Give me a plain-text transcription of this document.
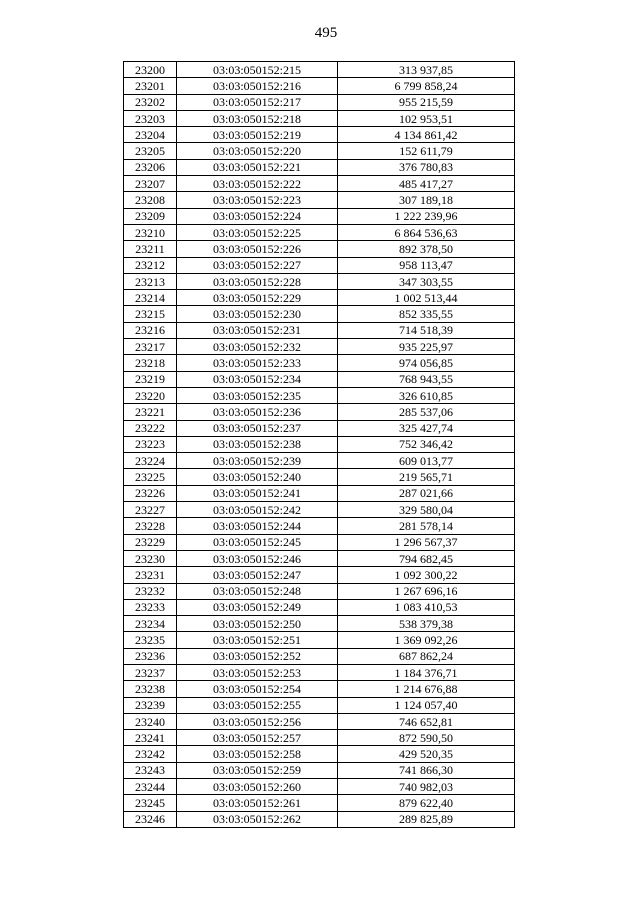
495
23200	03:03:050152:215	313 937,85
23201	03:03:050152:216	6 799 858,24
23202	03:03:050152:217	955 215,59
23203	03:03:050152:218	102 953,51
23204	03:03:050152:219	4 134 861,42
23205	03:03:050152:220	152 611,79
23206	03:03:050152:221	376 780,83
23207	03:03:050152:222	485 417,27
23208	03:03:050152:223	307 189,18
23209	03:03:050152:224	1 222 239,96
23210	03:03:050152:225	6 864 536,63
23211	03:03:050152:226	892 378,50
23212	03:03:050152:227	958 113,47
23213	03:03:050152:228	347 303,55
23214	03:03:050152:229	1 002 513,44
23215	03:03:050152:230	852 335,55
23216	03:03:050152:231	714 518,39
23217	03:03:050152:232	935 225,97
23218	03:03:050152:233	974 056,85
23219	03:03:050152:234	768 943,55
23220	03:03:050152:235	326 610,85
23221	03:03:050152:236	285 537,06
23222	03:03:050152:237	325 427,74
23223	03:03:050152:238	752 346,42
23224	03:03:050152:239	609 013,77
23225	03:03:050152:240	219 565,71
23226	03:03:050152:241	287 021,66
23227	03:03:050152:242	329 580,04
23228	03:03:050152:244	281 578,14
23229	03:03:050152:245	1 296 567,37
23230	03:03:050152:246	794 682,45
23231	03:03:050152:247	1 092 300,22
23232	03:03:050152:248	1 267 696,16
23233	03:03:050152:249	1 083 410,53
23234	03:03:050152:250	538 379,38
23235	03:03:050152:251	1 369 092,26
23236	03:03:050152:252	687 862,24
23237	03:03:050152:253	1 184 376,71
23238	03:03:050152:254	1 214 676,88
23239	03:03:050152:255	1 124 057,40
23240	03:03:050152:256	746 652,81
23241	03:03:050152:257	872 590,50
23242	03:03:050152:258	429 520,35
23243	03:03:050152:259	741 866,30
23244	03:03:050152:260	740 982,03
23245	03:03:050152:261	879 622,40
23246	03:03:050152:262	289 825,89
